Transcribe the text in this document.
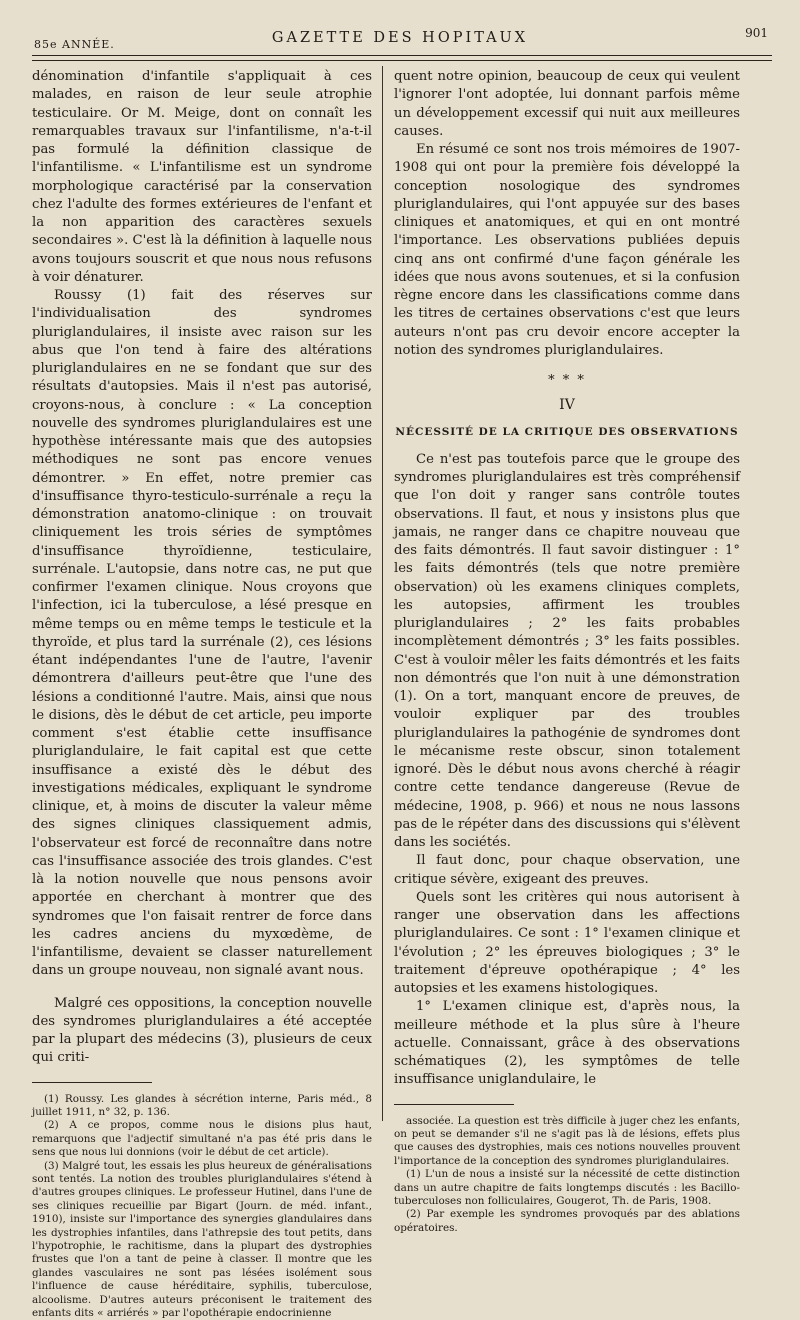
85e ANNÉE.	GAZETTE DES HOPITAUX	901

dénomination d'infantile s'appliquait à ces malades, en raison de leur seule atrophie testiculaire. Or M. Meige, dont on connaît les remarquables travaux sur l'infantilisme, n'a-t-il pas formulé la définition classique de l'infantilisme. « L'infantilisme est un syndrome morphologique caractérisé par la conservation chez l'adulte des formes extérieures de l'enfant et la non apparition des caractères sexuels secondaires ». C'est là la définition à laquelle nous avons toujours souscrit et que nous nous refusons à voir dénaturer.

Roussy (1) fait des réserves sur l'individualisation des syndromes pluriglandulaires, il insiste avec raison sur les abus que l'on tend à faire des altérations pluriglandulaires en ne se fondant que sur des résultats d'autopsies. Mais il n'est pas autorisé, croyons-nous, à conclure : « La conception nouvelle des syndromes pluriglandulaires est une hypothèse intéressante mais que des autopsies méthodiques ne sont pas encore venues démontrer. » En effet, notre premier cas d'insuffisance thyro-testiculo-surrénale a reçu la démonstration anatomo-clinique : on trouvait cliniquement les trois séries de symptômes d'insuffisance thyroïdienne, testiculaire, surrénale. L'autopsie, dans notre cas, ne put que confirmer l'examen clinique. Nous croyons que l'infection, ici la tuberculose, a lésé presque en même temps ou en même temps le testicule et la thyroïde, et plus tard la surrénale (2), ces lésions étant indépendantes l'une de l'autre, l'avenir démontrera d'ailleurs peut-être que l'une des lésions a conditionné l'autre. Mais, ainsi que nous le disions, dès le début de cet article, peu importe comment s'est établie cette insuffisance pluriglandulaire, le fait capital est que cette insuffisance a existé dès le début des investigations médicales, expliquant le syndrome clinique, et, à moins de discuter la valeur même des signes cliniques classiquement admis, l'observateur est forcé de reconnaître dans notre cas l'insuffisance associée des trois glandes. C'est là la notion nouvelle que nous pensons avoir apportée en cherchant à montrer que des syndromes que l'on faisait rentrer de force dans les cadres anciens du myxœdème, de l'infantilisme, devaient se classer naturellement dans un groupe nouveau, non signalé avant nous.

Malgré ces oppositions, la conception nouvelle des syndromes pluriglandulaires a été acceptée par la plupart des médecins (3), plusieurs de ceux qui criti-

(1) Roussy. Les glandes à sécrétion interne, Paris méd., 8 juillet 1911, n° 32, p. 136.

(2) A ce propos, comme nous le disions plus haut, remarquons que l'adjectif simultané n'a pas été pris dans le sens que nous lui donnions (voir le début de cet article).

(3) Malgré tout, les essais les plus heureux de généralisations sont tentés. La notion des troubles pluriglandulaires s'étend à d'autres groupes cliniques. Le professeur Hutinel, dans l'une de ses cliniques recueillie par Bigart (Journ. de méd. infant., 1910), insiste sur l'importance des synergies glandulaires dans les dystrophies infantiles, dans l'athrepsie des tout petits, dans l'hypotrophie, le rachitisme, dans la plupart des dystrophies frustes que l'on a tant de peine à classer. Il montre que les glandes vasculaires ne sont pas lésées isolément sous l'influence de cause héréditaire, syphilis, tuberculose, alcoolisme. D'autres auteurs préconisent le traitement des enfants dits « arriérés » par l'opothérapie endocrinienne

quent notre opinion, beaucoup de ceux qui veulent l'ignorer l'ont adoptée, lui donnant parfois même un développement excessif qui nuit aux meilleures causes.

En résumé ce sont nos trois mémoires de 1907-1908 qui ont pour la première fois développé la conception nosologique des syndromes pluriglandulaires, qui l'ont appuyée sur des bases cliniques et anatomiques, et qui en ont montré l'importance. Les observations publiées depuis cinq ans ont confirmé d'une façon générale les idées que nous avons soutenues, et si la confusion règne encore dans les classifications comme dans les titres de certaines observations c'est que leurs auteurs n'ont pas cru devoir encore accepter la notion des syndromes pluriglandulaires.

* * *
IV
NÉCESSITÉ DE LA CRITIQUE DES OBSERVATIONS

Ce n'est pas toutefois parce que le groupe des syndromes pluriglandulaires est très compréhensif que l'on doit y ranger sans contrôle toutes observations. Il faut, et nous y insistons plus que jamais, ne ranger dans ce chapitre nouveau que des faits démontrés. Il faut savoir distinguer : 1° les faits démontrés (tels que notre première observation) où les examens cliniques complets, les autopsies, affirment les troubles pluriglandulaires ; 2° les faits probables incomplètement démontrés ; 3° les faits possibles. C'est à vouloir mêler les faits démontrés et les faits non démontrés que l'on nuit à une démonstration (1). On a tort, manquant encore de preuves, de vouloir expliquer par des troubles pluriglandulaires la pathogénie de syndromes dont le mécanisme reste obscur, sinon totalement ignoré. Dès le début nous avons cherché à réagir contre cette tendance dangereuse (Revue de médecine, 1908, p. 966) et nous ne nous lassons pas de le répéter dans des discussions qui s'élèvent dans les sociétés.

Il faut donc, pour chaque observation, une critique sévère, exigeant des preuves.

Quels sont les critères qui nous autorisent à ranger une observation dans les affections pluriglandulaires. Ce sont : 1° l'examen clinique et l'évolution ; 2° les épreuves biologiques ; 3° le traitement d'épreuve opothérapique ; 4° les autopsies et les examens histologiques.

1° L'examen clinique est, d'après nous, la meilleure méthode et la plus sûre à l'heure actuelle. Connaissant, grâce à des observations schématiques (2), les symptômes de telle insuffisance uniglandulaire, le

associée. La question est très difficile à juger chez les enfants, on peut se demander s'il ne s'agit pas là de lésions, effets plus que causes des dystrophies, mais ces notions nouvelles prouvent l'importance de la conception des syndromes pluriglandulaires.

(1) L'un de nous a insisté sur la nécessité de cette distinction dans un autre chapitre de faits longtemps discutés : les Bacillo-tuberculoses non folliculaires, Gougerot, Th. de Paris, 1908.

(2) Par exemple les syndromes provoqués par des ablations opératoires.
